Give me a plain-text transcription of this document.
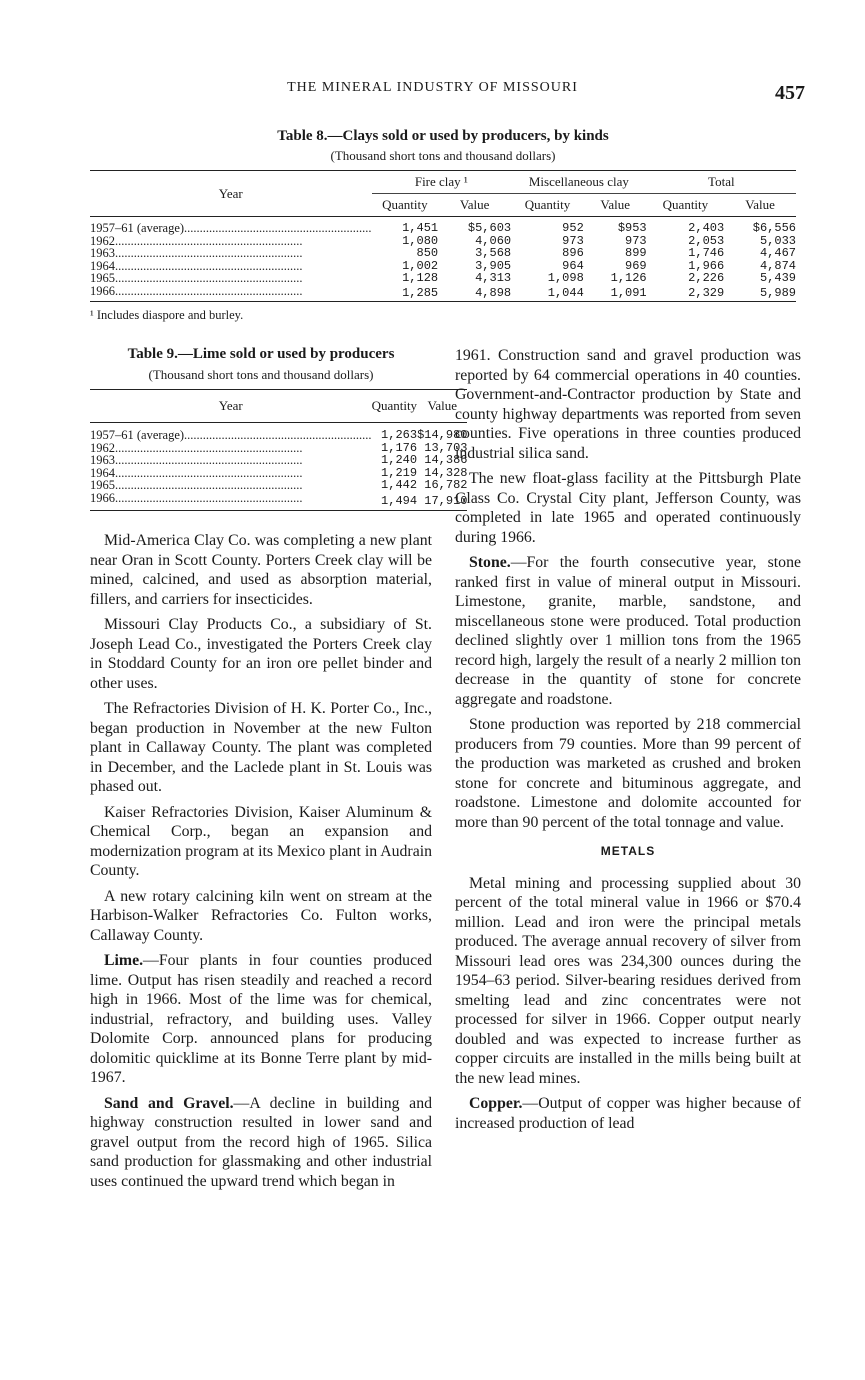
THE MINERAL INDUSTRY OF MISSOURI	457
Table 8.—Clays sold or used by producers, by kinds
(Thousand short tons and thousand dollars)
Year	Fire clay ¹		Miscellaneous clay		Total	
	Quantity	Value	Quantity	Value	Quantity	Value

1957–61 (average)............................................................	1,451	$5,603	952	$953	2,403	$6,556
1962............................................................	1,080	4,060	973	973	2,053	5,033
1963............................................................	850	3,568	896	899	1,746	4,467
1964............................................................	1,002	3,905	964	969	1,966	4,874
1965............................................................	1,128	4,313	1,098	1,126	2,226	5,439
1966............................................................	1,285	4,898	1,044	1,091	2,329	5,989
¹ Includes diaspore and burley.
Table 9.—Lime sold or used by producers
(Thousand short tons and thousand dollars)
Year	Quantity	Value

1957–61 (average)............................................................	1,263	$14,980
1962............................................................	1,176	13,703
1963............................................................	1,240	14,386
1964............................................................	1,219	14,328
1965............................................................	1,442	16,782
1966............................................................	1,494	17,910

Mid-America Clay Co. was completing a new plant near Oran in Scott County. Porters Creek clay will be mined, calcined, and used as absorption material, fillers, and carriers for insecticides.

Missouri Clay Products Co., a subsidiary of St. Joseph Lead Co., investigated the Porters Creek clay in Stoddard County for an iron ore pellet binder and other uses.

The Refractories Division of H. K. Porter Co., Inc., began production in November at the new Fulton plant in Callaway County. The plant was completed in December, and the Laclede plant in St. Louis was phased out.

Kaiser Refractories Division, Kaiser Aluminum & Chemical Corp., began an expansion and modernization program at its Mexico plant in Audrain County.

A new rotary calcining kiln went on stream at the Harbison-Walker Refractories Co. Fulton works, Callaway County.

Lime.—Four plants in four counties produced lime. Output has risen steadily and reached a record high in 1966. Most of the lime was for chemical, industrial, refractory, and building uses. Valley Dolomite Corp. announced plans for producing dolomitic quicklime at its Bonne Terre plant by mid-1967.

Sand and Gravel.—A decline in building and highway construction resulted in lower sand and gravel output from the record high of 1965. Silica sand production for glassmaking and other industrial uses continued the upward trend which began in

1961. Construction sand and gravel production was reported by 64 commercial operations in 40 counties. Government-and-Contractor production by State and county highway departments was reported from seven counties. Five operations in three counties produced industrial silica sand.

The new float-glass facility at the Pittsburgh Plate Glass Co. Crystal City plant, Jefferson County, was completed in late 1965 and operated continuously during 1966.

Stone.—For the fourth consecutive year, stone ranked first in value of mineral output in Missouri. Limestone, granite, marble, sandstone, and miscellaneous stone were produced. Total production declined slightly over 1 million tons from the 1965 record high, largely the result of a nearly 2 million ton decrease in the quantity of stone for concrete aggregate and roadstone.

Stone production was reported by 218 commercial producers from 79 counties. More than 99 percent of the production was marketed as crushed and broken stone for concrete and bituminous aggregate, and roadstone. Limestone and dolomite accounted for more than 90 percent of the total tonnage and value.

METALS

Metal mining and processing supplied about 30 percent of the total mineral value in 1966 or $70.4 million. Lead and iron were the principal metals produced. The average annual recovery of silver from Missouri lead ores was 234,300 ounces during the 1954–63 period. Silver-bearing residues derived from smelting lead and zinc concentrates were not processed for silver in 1966. Copper output nearly doubled and was expected to increase further as copper circuits are installed in the mills being built at the new lead mines.

Copper.—Output of copper was higher because of increased production of lead
